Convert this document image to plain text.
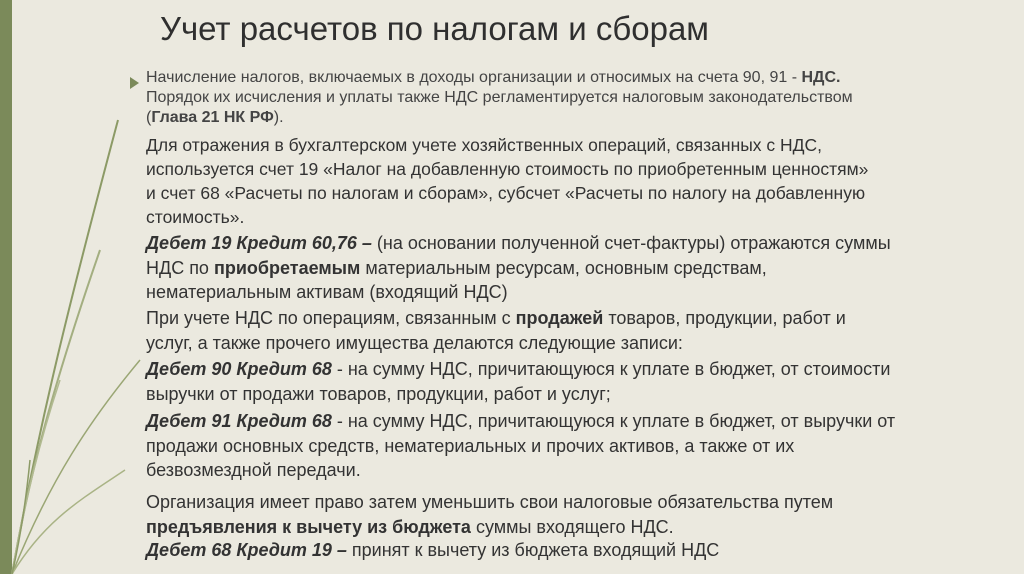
Учет расчетов по налогам и сборам
Начисление налогов, включаемых в доходы организации и относимых на счета 90, 91 - НДС.
Порядок их исчисления и уплаты также НДС регламентируется налоговым законодательством
(Глава 21 НК РФ).
Для отражения в бухгалтерском учете хозяйственных операций, связанных с НДС,
используется счет 19 «Налог на добавленную стоимость по приобретенным ценностям»
и счет 68 «Расчеты по налогам и сборам», субсчет «Расчеты по налогу на добавленную
стоимость».
Дебет 19 Кредит 60,76 – (на основании полученной счет-фактуры) отражаются суммы
НДС по приобретаемым материальным ресурсам, основным средствам,
нематериальным активам (входящий НДС)
При учете НДС по операциям, связанным с продажей товаров, продукции, работ и
услуг, а также прочего имущества делаются следующие записи:
Дебет 90 Кредит 68 - на сумму НДС, причитающуюся к уплате в бюджет, от стоимости
выручки от продажи товаров, продукции, работ и услуг;
Дебет 91 Кредит 68 - на сумму НДС, причитающуюся к уплате в бюджет, от выручки от
продажи основных средств, нематериальных и прочих активов, а также от их
безвозмездной передачи.
Организация имеет право затем уменьшить свои налоговые обязательства путем
предъявления к вычету из бюджета суммы входящего НДС.
Дебет 68 Кредит 19 – принят к вычету из бюджета входящий НДС
